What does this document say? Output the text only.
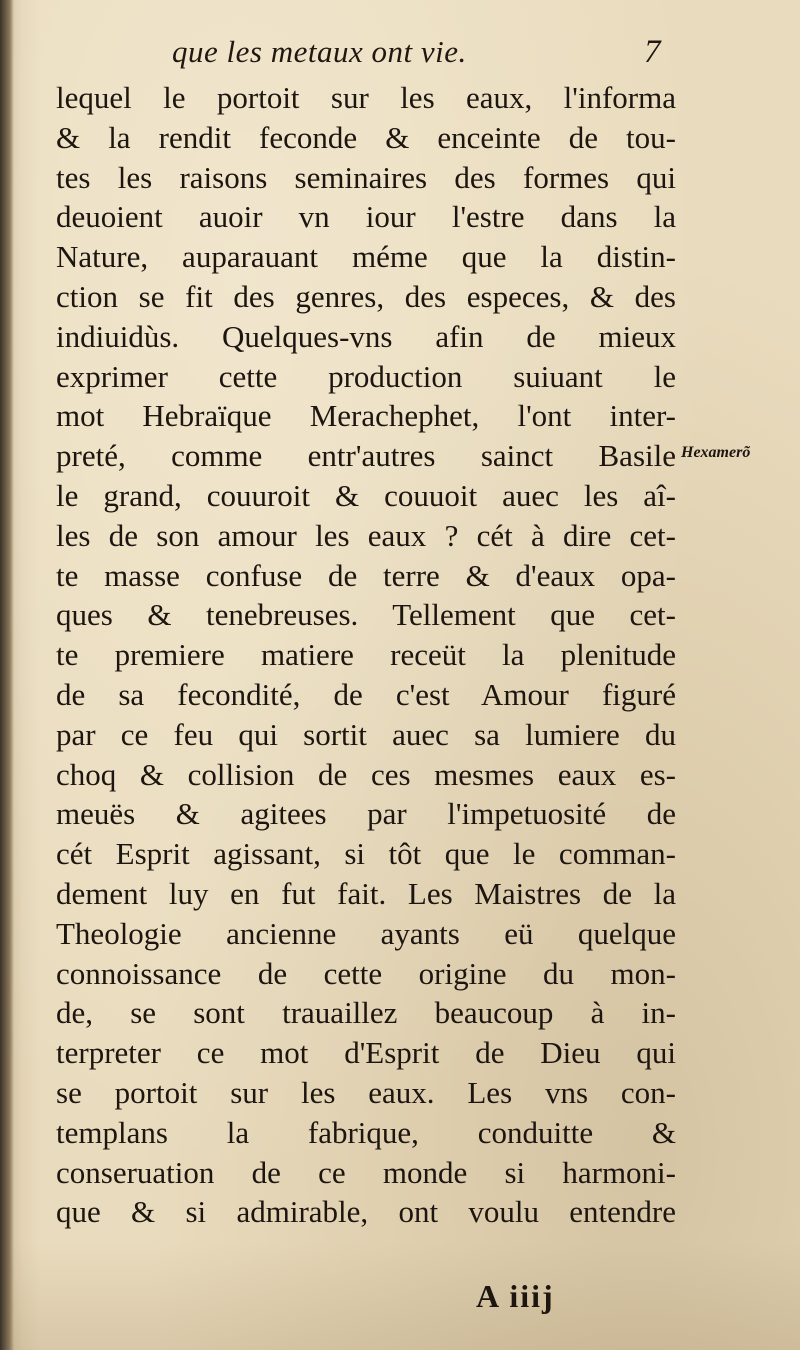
que les metaux ont vie.	7
lequel le portoit sur les eaux, l'informa
& la rendit feconde & enceinte de tou-
tes les raisons seminaires des formes qui
deuoient auoir vn iour l'estre dans la
Nature, auparauant méme que la distin-
ction se fit des genres, des especes, & des
indiuidùs. Quelques-vns afin de mieux
exprimer cette production suiuant le
mot Hebraïque Merachephet, l'ont inter-
preté, comme entr'autres sainct Basile
le grand, couuroit & couuoit auec les aî-
les de son amour les eaux ? cét à dire cet-
te masse confuse de terre & d'eaux opa-
ques & tenebreuses. Tellement que cet-
te premiere matiere receüt la plenitude
de sa fecondité, de c'est Amour figuré
par ce feu qui sortit auec sa lumiere du
choq & collision de ces mesmes eaux es-
meuës & agitees par l'impetuosité de
cét Esprit agissant, si tôt que le comman-
dement luy en fut fait. Les Maistres de la
Theologie ancienne ayants eü quelque
connoissance de cette origine du mon-
de, se sont trauaillez beaucoup à in-
terpreter ce mot d'Esprit de Dieu qui
se portoit sur les eaux. Les vns con-
templans la fabrique, conduitte &
conseruation de ce monde si harmoni-
que & si admirable, ont voulu entendre
Hexamerõ
A iiij
